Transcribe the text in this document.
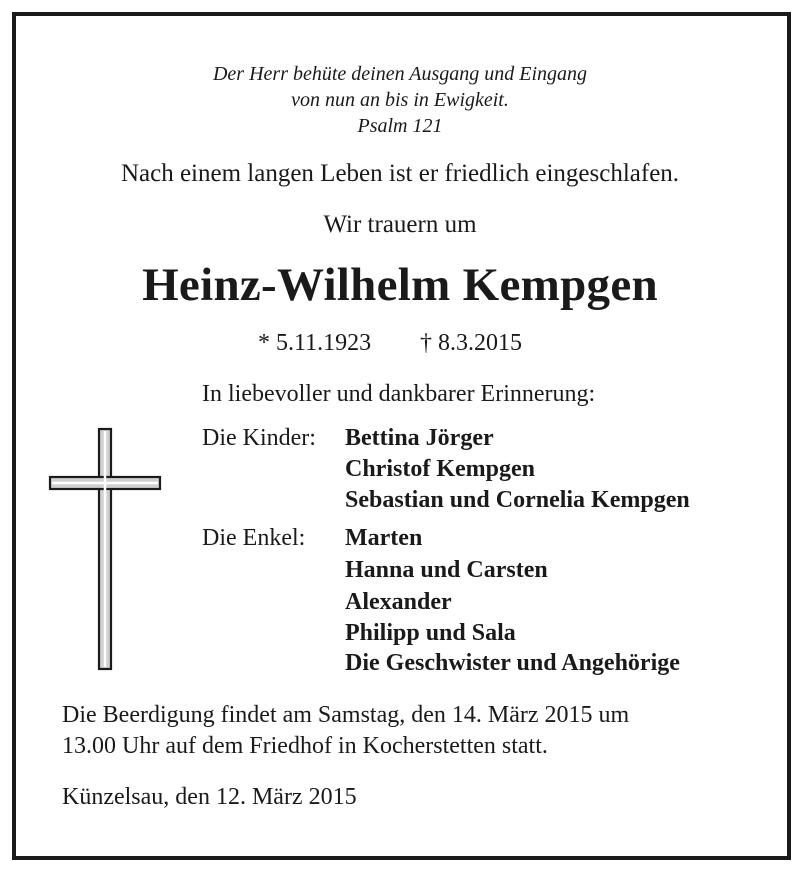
Der Herr behüte deinen Ausgang und Eingang
von nun an bis in Ewigkeit.
Psalm 121
Nach einem langen Leben ist er friedlich eingeschlafen.
Wir trauern um
Heinz-Wilhelm Kempgen
* 5.11.1923 † 8.3.2015
In liebevoller und dankbarer Erinnerung:
Die Kinder: Bettina Jörger
Christof Kempgen
Sebastian und Cornelia Kempgen
Die Enkel: Marten
Hanna und Carsten
Alexander
Philipp und Sala
Die Geschwister und Angehörige
Die Beerdigung findet am Samstag, den 14. März 2015 um
13.00 Uhr auf dem Friedhof in Kocherstetten statt.
Künzelsau, den 12. März 2015
